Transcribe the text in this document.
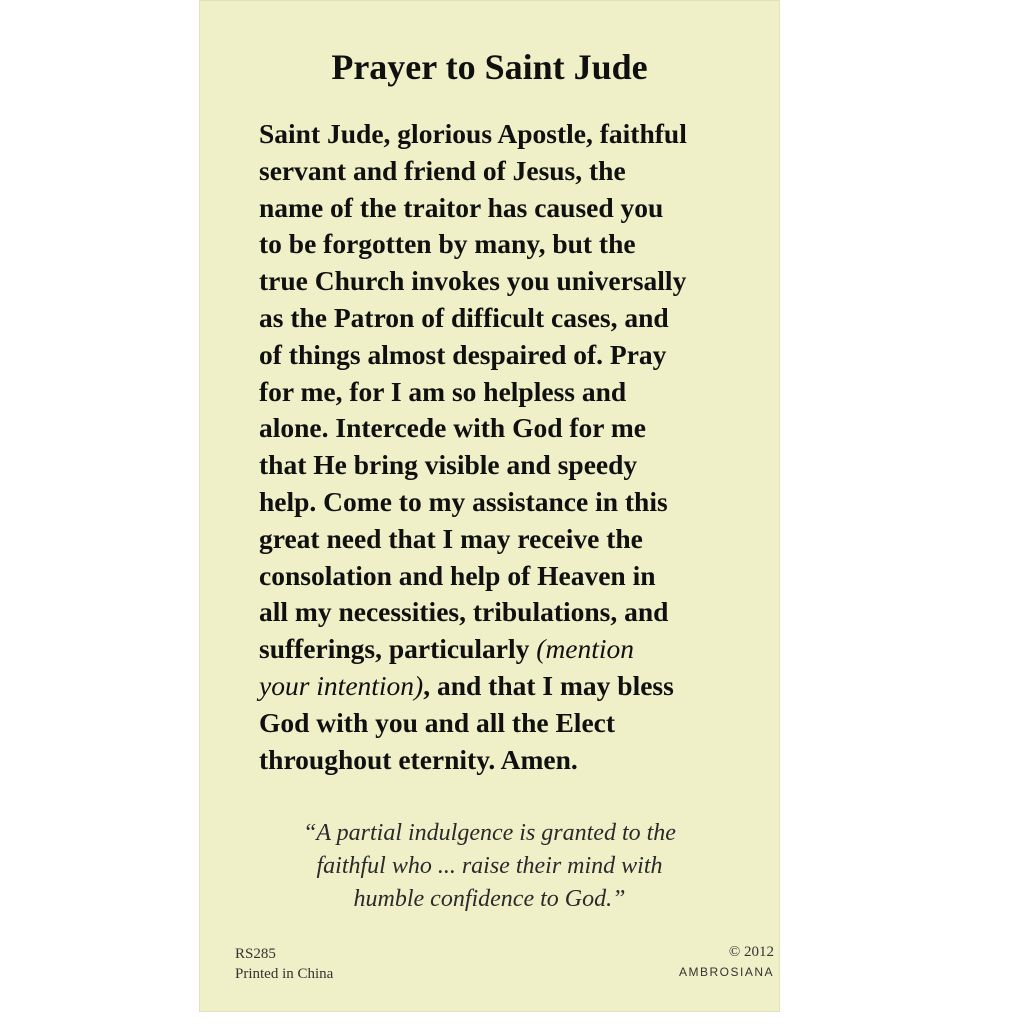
Prayer to Saint Jude
Saint Jude, glorious Apostle, faithful
servant and friend of Jesus, the
name of the traitor has caused you
to be forgotten by many, but the
true Church invokes you universally
as the Patron of difficult cases, and
of things almost despaired of. Pray
for me, for I am so helpless and
alone. Intercede with God for me
that He bring visible and speedy
help. Come to my assistance in this
great need that I may receive the
consolation and help of Heaven in
all my necessities, tribulations, and
sufferings, particularly (mention
your intention), and that I may bless
God with you and all the Elect
throughout eternity. Amen.
“A partial indulgence is granted to the
faithful who ... raise their mind with
humble confidence to God.”
RS285
Printed in China
© 2012
AMBROSIANA
